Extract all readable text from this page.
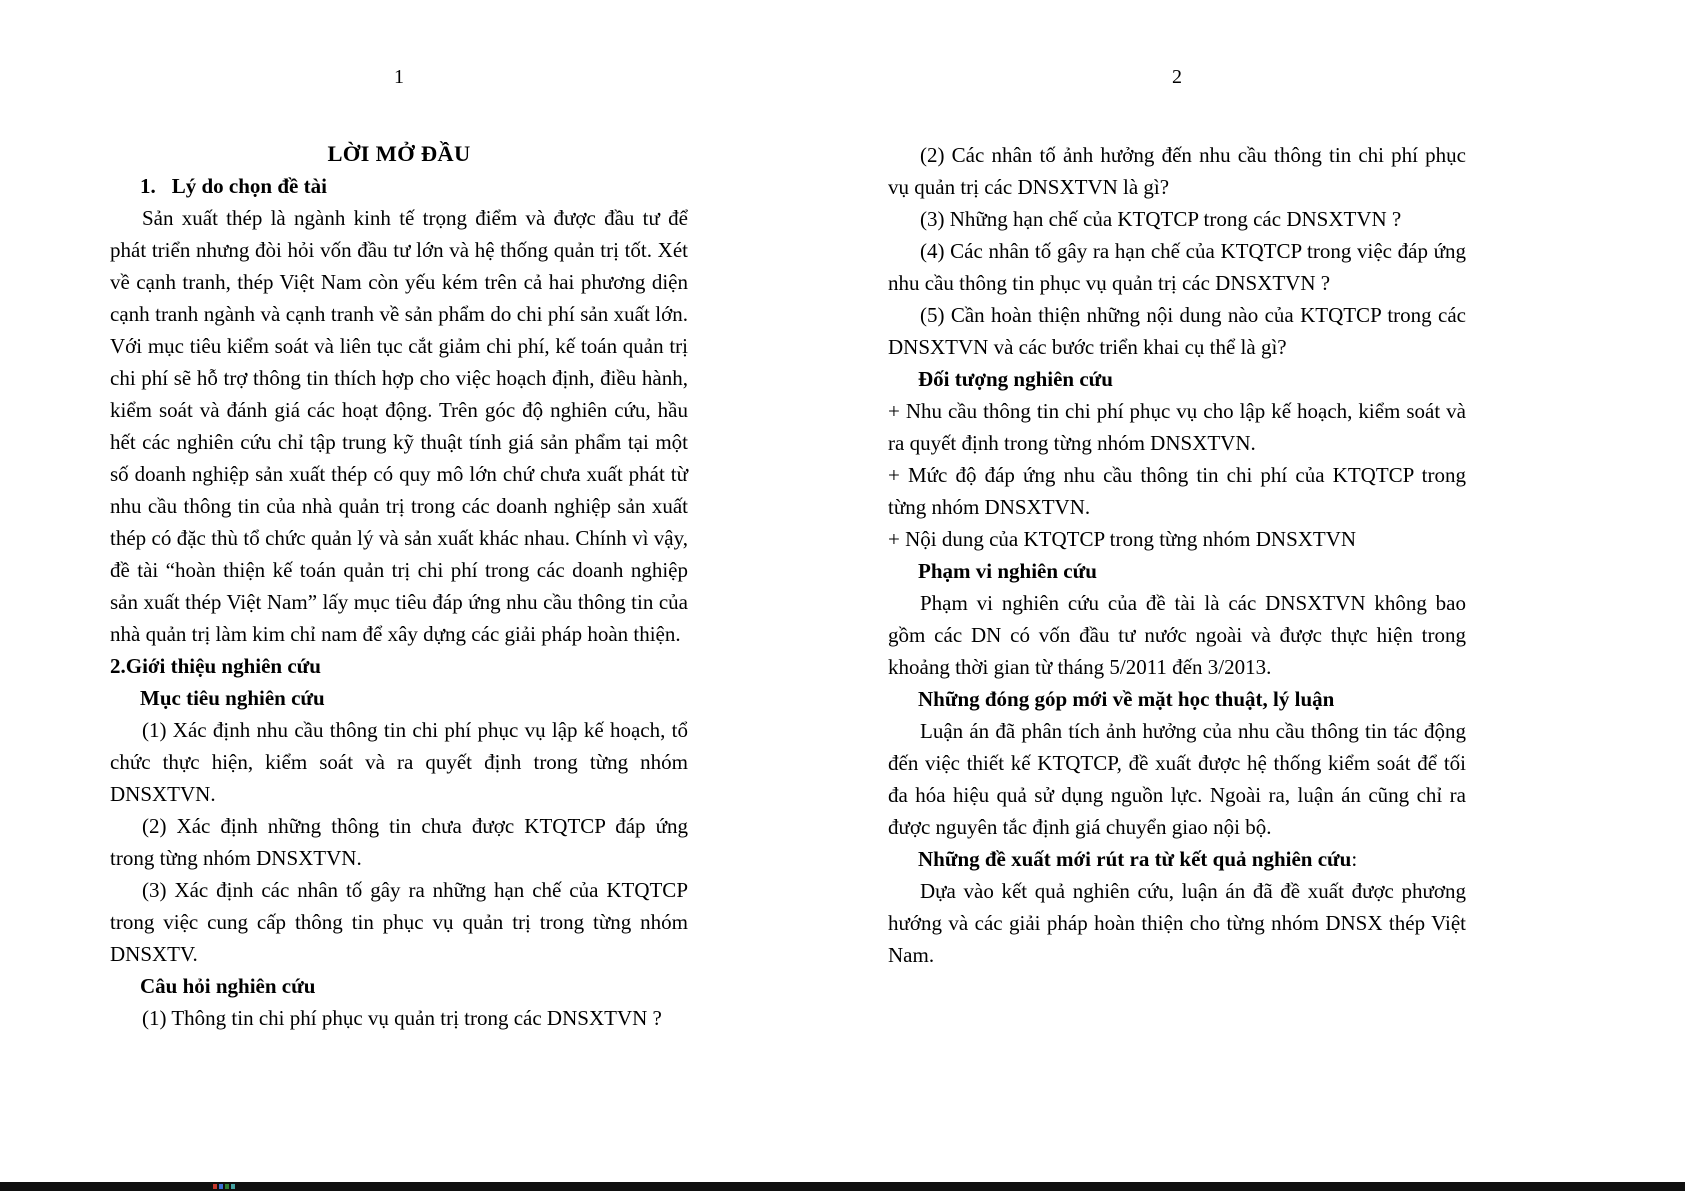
1
LỜI MỞ ĐẦU
1. Lý do chọn đề tài

Sản xuất thép là ngành kinh tế trọng điểm và được đầu tư để phát triển nhưng đòi hỏi vốn đầu tư lớn và hệ thống quản trị tốt. Xét về cạnh tranh, thép Việt Nam còn yếu kém trên cả hai phương diện cạnh tranh ngành và cạnh tranh về sản phẩm do chi phí sản xuất lớn. Với mục tiêu kiểm soát và liên tục cắt giảm chi phí, kế toán quản trị chi phí sẽ hỗ trợ thông tin thích hợp cho việc hoạch định, điều hành, kiểm soát và đánh giá các hoạt động. Trên góc độ nghiên cứu, hầu hết các nghiên cứu chỉ tập trung kỹ thuật tính giá sản phẩm tại một số doanh nghiệp sản xuất thép có quy mô lớn chứ chưa xuất phát từ nhu cầu thông tin của nhà quản trị trong các doanh nghiệp sản xuất thép có đặc thù tổ chức quản lý và sản xuất khác nhau. Chính vì vậy, đề tài “hoàn thiện kế toán quản trị chi phí trong các doanh nghiệp sản xuất thép Việt Nam” lấy mục tiêu đáp ứng nhu cầu thông tin của nhà quản trị làm kim chỉ nam để xây dựng các giải pháp hoàn thiện.

2.Giới thiệu nghiên cứu
Mục tiêu nghiên cứu

(1) Xác định nhu cầu thông tin chi phí phục vụ lập kế hoạch, tổ chức thực hiện, kiểm soát và ra quyết định trong từng nhóm DNSXTVN.

(2) Xác định những thông tin chưa được KTQTCP đáp ứng trong từng nhóm DNSXTVN.

(3) Xác định các nhân tố gây ra những hạn chế của KTQTCP trong việc cung cấp thông tin phục vụ quản trị trong từng nhóm DNSXTV.

Câu hỏi nghiên cứu

(1) Thông tin chi phí phục vụ quản trị trong các DNSXTVN ?

2

(2) Các nhân tố ảnh hưởng đến nhu cầu thông tin chi phí phục vụ quản trị các DNSXTVN là gì?

(3) Những hạn chế của KTQTCP trong các DNSXTVN ?

(4) Các nhân tố gây ra hạn chế của KTQTCP trong việc đáp ứng nhu cầu thông tin phục vụ quản trị các DNSXTVN ?

(5) Cần hoàn thiện những nội dung nào của KTQTCP trong các DNSXTVN và các bước triển khai cụ thể là gì?

Đối tượng nghiên cứu

+ Nhu cầu thông tin chi phí phục vụ cho lập kế hoạch, kiểm soát và ra quyết định trong từng nhóm DNSXTVN.

+ Mức độ đáp ứng nhu cầu thông tin chi phí của KTQTCP trong từng nhóm DNSXTVN.

+ Nội dung của KTQTCP trong từng nhóm DNSXTVN

Phạm vi nghiên cứu

Phạm vi nghiên cứu của đề tài là các DNSXTVN không bao gồm các DN có vốn đầu tư nước ngoài và được thực hiện trong khoảng thời gian từ tháng 5/2011 đến 3/2013.

Những đóng góp mới về mặt học thuật, lý luận

Luận án đã phân tích ảnh hưởng của nhu cầu thông tin tác động đến việc thiết kế KTQTCP, đề xuất được hệ thống kiểm soát để tối đa hóa hiệu quả sử dụng nguồn lực. Ngoài ra, luận án cũng chỉ ra được nguyên tắc định giá chuyển giao nội bộ.

Những đề xuất mới rút ra từ kết quả nghiên cứu:

Dựa vào kết quả nghiên cứu, luận án đã đề xuất được phương hướng và các giải pháp hoàn thiện cho từng nhóm DNSX thép Việt Nam.
